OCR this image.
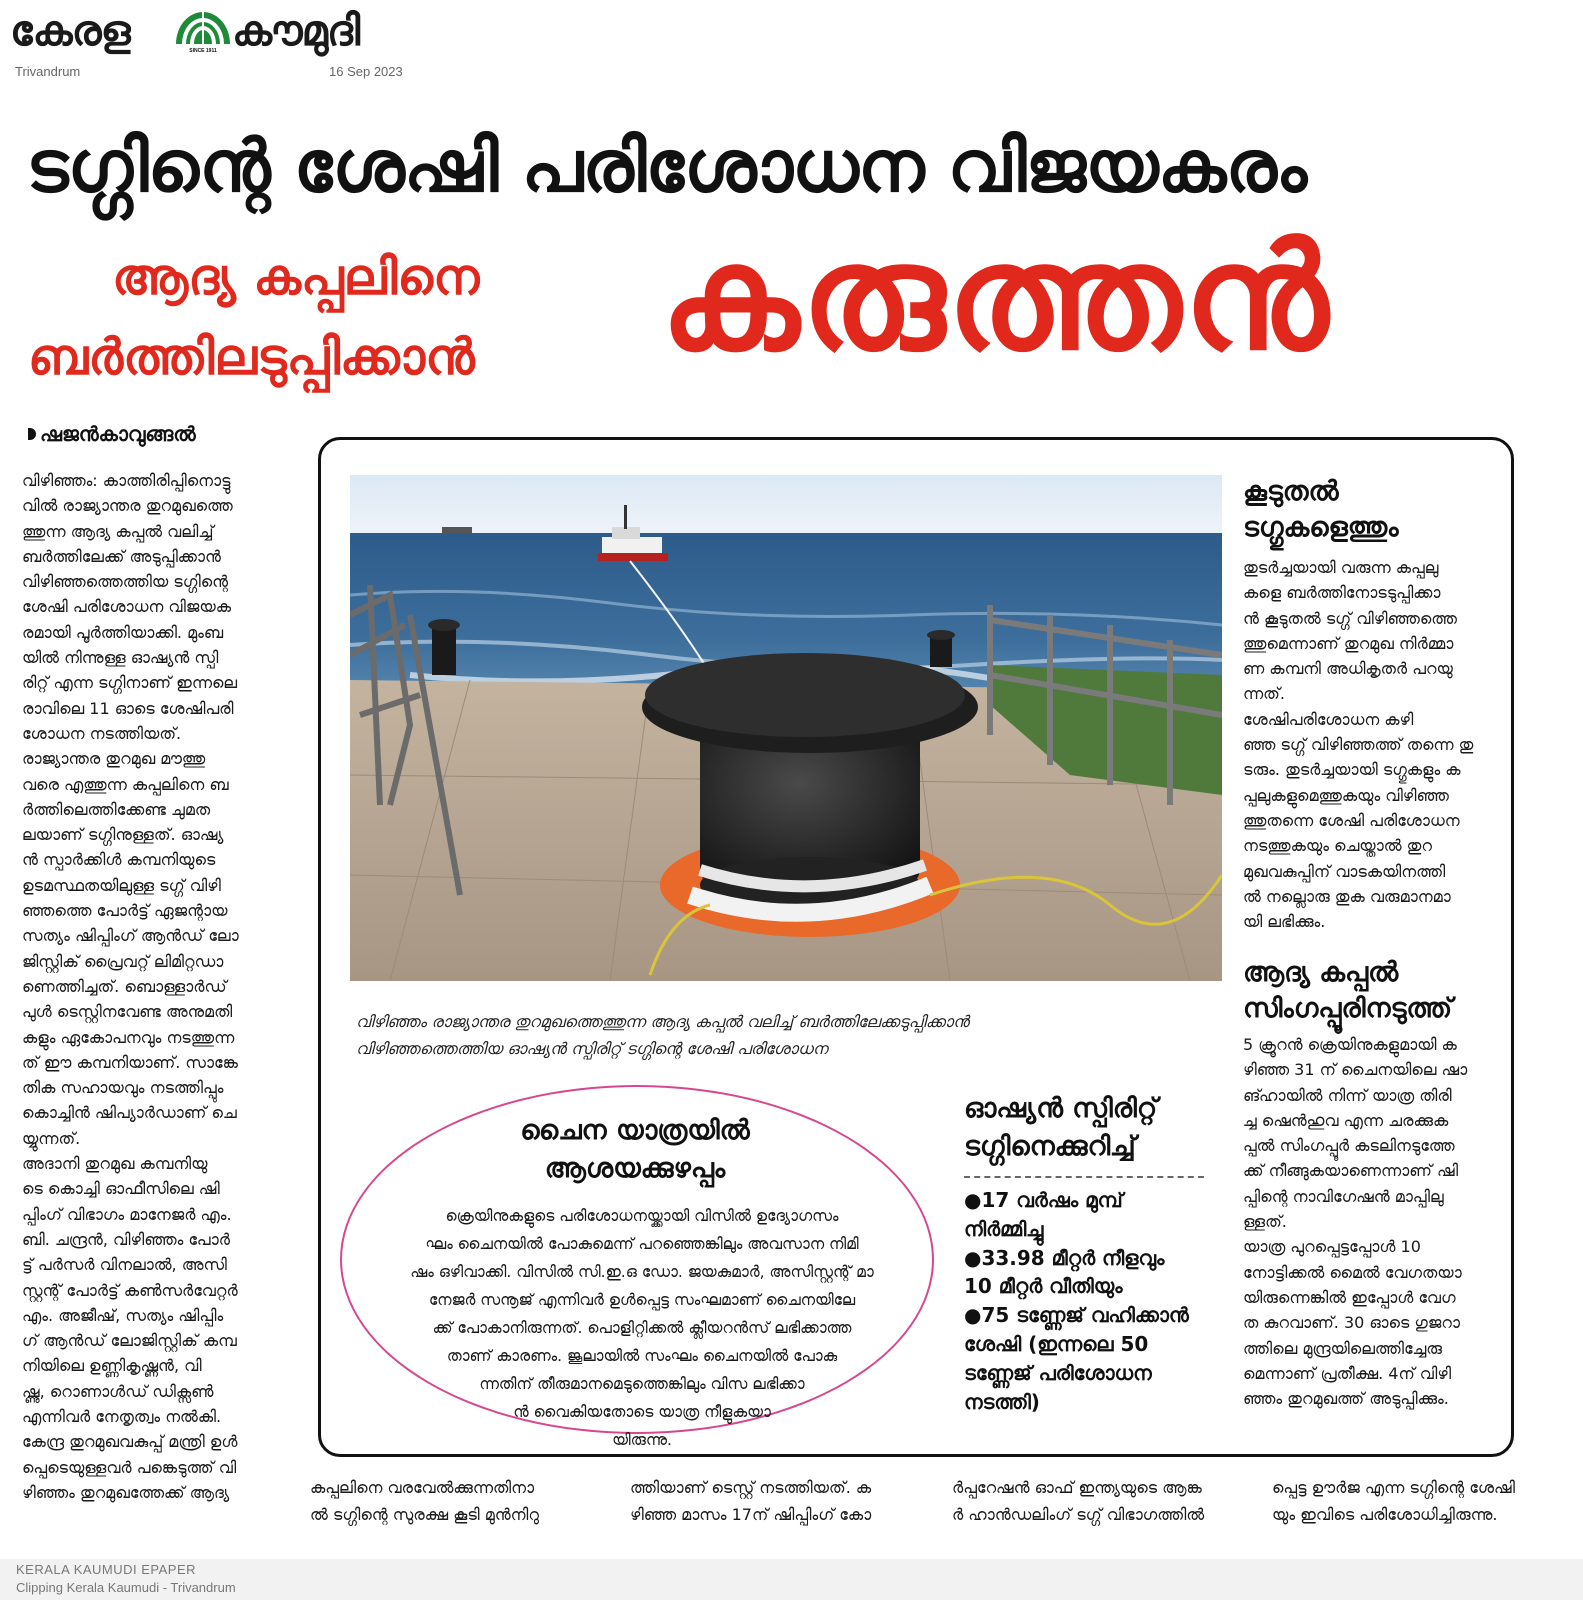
കേരള	SINCE 1911 കൗമുദി
Trivandrum	16 Sep 2023
ടഗ്ഗിന്റെ ശേഷി പരിശോധന വിജയകരം
ആദ്യ കപ്പലിനെ
ബർത്തിലടുപ്പിക്കാൻ കരുത്തൻ
ഷജൻകാവുങ്ങൽ
വിഴിഞ്ഞം: കാത്തിരിപ്പിനൊട്ടു
വിൽ രാജ്യാന്തര തുറമുഖത്തെ
ത്തുന്ന ആദ്യ കപ്പൽ വലിച്ച്
ബർത്തിലേക്ക് അടുപ്പിക്കാൻ
വിഴിഞ്ഞത്തെത്തിയ ടഗ്ഗിന്റെ
ശേഷി പരിശോധന വിജയക
രമായി പൂർത്തിയാക്കി. മുംബ
യിൽ നിന്നുള്ള ഓഷ്യൻ സ്പി
രിറ്റ് എന്ന ടഗ്ഗിനാണ് ഇന്നലെ
രാവിലെ 11 ഓടെ ശേഷിപരി
ശോധന നടത്തിയത്.
രാജ്യാന്തര തുറമുഖ മൗത്തു
വരെ എത്തുന്ന കപ്പലിനെ ബ
ർത്തിലെത്തിക്കേണ്ട ചുമത
ലയാണ് ടഗ്ഗിനുള്ളത്. ഓഷ്യ
ൻ സ്പാർക്കിൾ കമ്പനിയുടെ
ഉടമസ്ഥതയിലുള്ള ടഗ്ഗ് വിഴി
ഞ്ഞത്തെ പോർട്ട് ഏജന്റായ
സത്യം ഷിപ്പിംഗ് ആൻഡ് ലോ
ജിസ്റ്റിക് പ്രൈവറ്റ് ലിമിറ്റഡാ
ണെത്തിച്ചത്. ബൊള്ളാർഡ്
പുൾ ടെസ്റ്റിനവേണ്ട അനുമതി
കളും ഏകോപനവും നടത്തുന്ന
ത് ഈ കമ്പനിയാണ്. സാങ്കേ
തിക സഹായവും നടത്തിപ്പും
കൊച്ചിൻ ഷിപ്യാർഡാണ് ചെ
യ്യുന്നത്.
അദാനി തുറമുഖ കമ്പനിയു
ടെ കൊച്ചി ഓഫീസിലെ ഷി
പ്പിംഗ് വിഭാഗം മാനേജർ എം.
ബി. ചന്ദ്രൻ, വിഴിഞ്ഞം പോർ
ട്ട് പർസർ വിനലാൽ, അസി
സ്റ്റന്റ് പോർട്ട് കൺസർവേറ്റർ
എം. അജീഷ്, സത്യം ഷിപ്പിം
ഗ് ആൻഡ് ലോജിസ്റ്റിക് കമ്പ
നിയിലെ ഉണ്ണികൃഷ്ണൻ, വി
ഷ്ണു, റൊണാൾഡ് ഡിക്സൺ
എന്നിവർ നേതൃത്വം നൽകി.
കേന്ദ്ര തുറമുഖവകുപ്പ് മന്ത്രി ഉൾ
പ്പെടെയുള്ളവർ പങ്കെടുത്ത് വി
ഴിഞ്ഞം തുറമുഖത്തേക്ക് ആദ്യ
വിഴിഞ്ഞം രാജ്യാന്തര തുറമുഖത്തെത്തുന്ന ആദ്യ കപ്പൽ വലിച്ച് ബർത്തിലേക്കടുപ്പിക്കാൻ
വിഴിഞ്ഞത്തെത്തിയ ഓഷ്യൻ സ്പിരിറ്റ് ടഗ്ഗിന്റെ ശേഷി പരിശോധന
ചൈന യാത്രയിൽ
ആശയക്കുഴപ്പം
ക്രെയിനുകളുടെ പരിശോധനയ്ക്കായി വിസിൽ ഉദ്യോഗസം
ഘം ചൈനയിൽ പോകുമെന്ന് പറഞ്ഞെങ്കിലും അവസാന നിമി
ഷം ഒഴിവാക്കി. വിസിൽ സി.ഇ.ഒ ഡോ. ജയകുമാർ, അസിസ്റ്റന്റ് മാ
നേജർ സനൂജ് എന്നിവർ ഉൾപ്പെട്ട സംഘമാണ് ചൈനയിലേ
ക്ക് പോകാനിരുന്നത്. പൊളിറ്റിക്കൽ ക്ലീയറൻസ് ലഭിക്കാത്ത
താണ് കാരണം. ജൂലായിൽ സംഘം ചൈനയിൽ പോകു
ന്നതിന് തീരുമാനമെടുത്തെങ്കിലും വിസ ലഭിക്കാ
ൻ വൈകിയതോടെ യാത്ര നീളുകയാ
യിരുന്നു.
ഓഷ്യൻ സ്പിരിറ്റ്
ടഗ്ഗിനെക്കുറിച്ച്
●17 വർഷം മുമ്പ്
നിർമ്മിച്ചു
●33.98 മീറ്റർ നീളവും
10 മീറ്റർ വീതിയും
●75 ടണ്ണേജ് വഹിക്കാൻ
ശേഷി (ഇന്നലെ 50
ടണ്ണേജ് പരിശോധന
നടത്തി)
കൂടുതൽ
ടഗ്ഗുകളെത്തും
തുടർച്ചയായി വരുന്ന കപ്പലു
കളെ ബർത്തിനോടടുപ്പിക്കാ
ൻ കൂടുതൽ ടഗ്ഗ് വിഴിഞ്ഞത്തെ
ത്തുമെന്നാണ് തുറമുഖ നിർമ്മാ
ണ കമ്പനി അധികൃതർ പറയു
ന്നത്.
ശേഷിപരിശോധന കഴി
ഞ്ഞ ടഗ്ഗ് വിഴിഞ്ഞത്ത് തന്നെ തു
ടരും. തുടർച്ചയായി ടഗ്ഗുകളും ക
പ്പലുകളുമെത്തുകയും വിഴിഞ്ഞ
ത്തുതന്നെ ശേഷി പരിശോധന
നടത്തുകയും ചെയ്താൽ തുറ
മുഖവകുപ്പിന് വാടകയിനത്തി
ൽ നല്ലൊരു തുക വരുമാനമാ
യി ലഭിക്കും.
ആദ്യ കപ്പൽ
സിംഗപ്പൂരിനടുത്ത്
5 ക്രൂറൻ ക്രെയിനുകളുമായി ക
ഴിഞ്ഞ 31 ന് ചൈനയിലെ ഷാ
ങ്ഹായിൽ നിന്ന് യാത്ര തിരി
ച്ച ഷെൻഹുവ എന്ന ചരക്കുക
പ്പൽ സിംഗപ്പൂർ കടലിനടുത്തേ
ക്ക് നീങ്ങുകയാണെന്നാണ് ഷി
പ്പിന്റെ നാവിഗേഷൻ മാപ്പിലു
ള്ളത്.
യാത്ര പുറപ്പെട്ടപ്പോൾ 10
നോട്ടിക്കൽ മൈൽ വേഗതയാ
യിരുന്നെങ്കിൽ ഇപ്പോൾ വേഗ
ത കുറവാണ്. 30 ഓടെ ഗുജറാ
ത്തിലെ മുന്ദ്രയിലെത്തിച്ചേരു
മെന്നാണ് പ്രതീക്ഷ. 4ന് വിഴി
ഞ്ഞം തുറമുഖത്ത് അടുപ്പിക്കും.
കപ്പലിനെ വരവേൽക്കുന്നതിനാ
ൽ ടഗ്ഗിന്റെ സുരക്ഷ കൂടി മുൻനിറു
ത്തിയാണ് ടെസ്റ്റ് നടത്തിയത്. ക
ഴിഞ്ഞ മാസം 17ന് ഷിപ്പിംഗ് കോ
ർപ്പറേഷൻ ഓഫ് ഇന്ത്യയുടെ ആങ്ക
ർ ഹാൻഡലിംഗ് ടഗ്ഗ് വിഭാഗത്തിൽ
പ്പെട്ട ഊർജ എന്ന ടഗ്ഗിന്റെ ശേഷി
യും ഇവിടെ പരിശോധിച്ചിരുന്നു.
KERALA KAUMUDI EPAPER
Clipping Kerala Kaumudi - Trivandrum
